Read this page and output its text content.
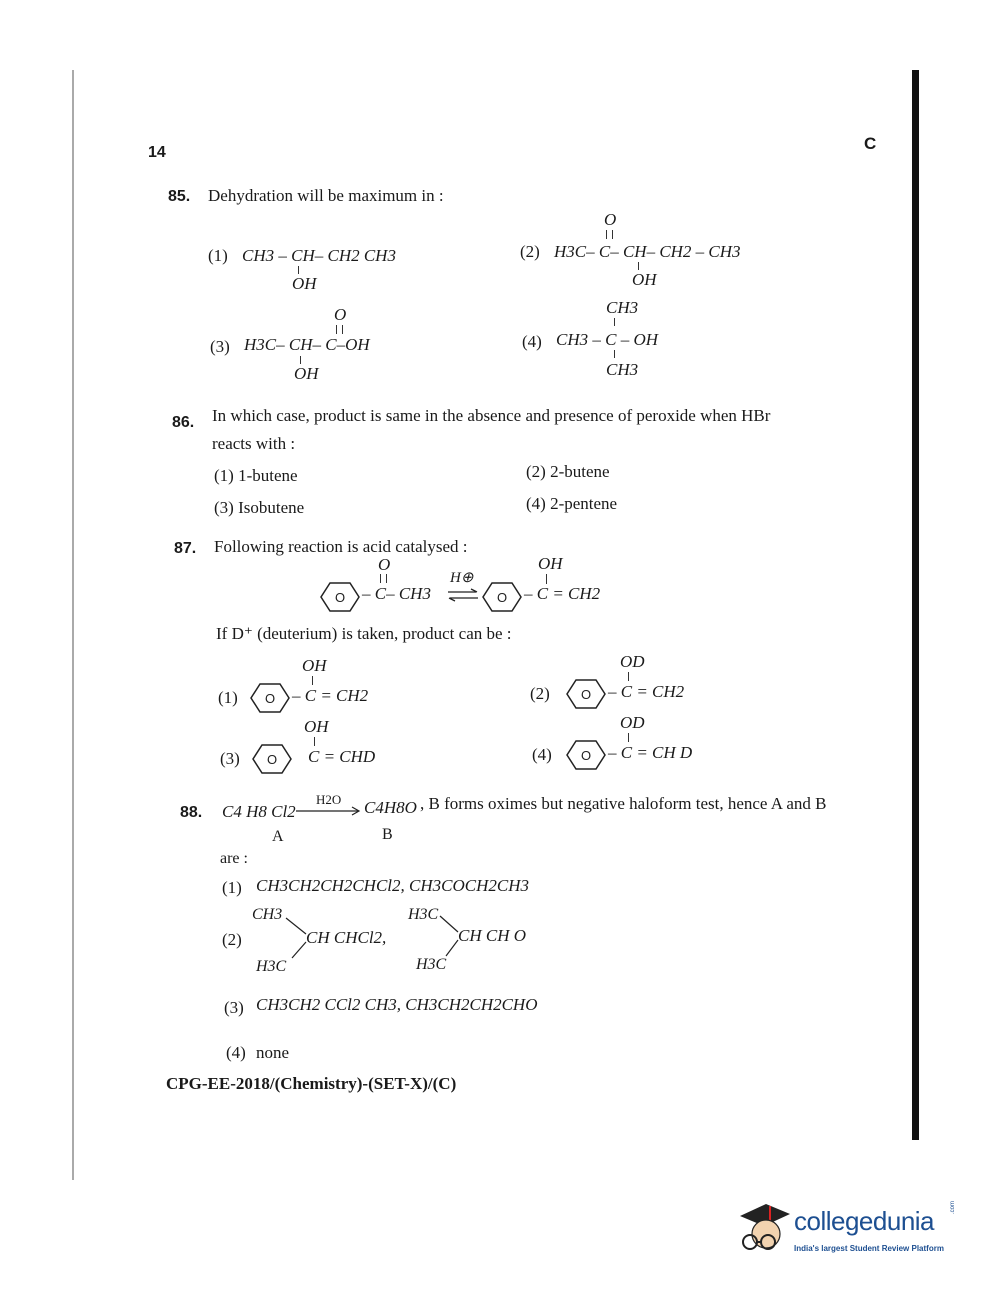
14	C
85. Dehydration will be maximum in :
(1) CH3 – CH– CH2 CH3
OH
O
(2) H3C– C– CH– CH2 – CH3
OH
O
(3) H3C– CH– C–OH
OH
CH3
(4) CH3 – C – OH
CH3
86. In which case, product is same in the absence and presence of peroxide when HBr
reacts with :
(1) 1-butene	(2) 2-butene
(3) Isobutene	(4) 2-pentene
87. Following reaction is acid catalysed :
O
O – C– CH3
H⊕
⇌ O
OH
– C = CH2
If D⁺ (deuterium) is taken, product can be :
OH
(1) O – C = CH2
OD
(2) O – C = CH2
OH
(3) O C = CHD
OD
(4) O – C = CH D
88. C4 H8 Cl2
H2O C4H8O , B forms oximes but negative haloform test, hence A and B
A	B
are :
(1) CH3CH2CH2CHCl2, CH3COCH2CH3
(2)
CH3
CH CHCl2,
H3C
H3C
CH CH O
H3C
(3) CH3CH2 CCl2 CH3, CH3CH2CH2CHO
(4) none
CPG-EE-2018/(Chemistry)-(SET-X)/(C)
collegedunia	.com
India's largest Student Review Platform
